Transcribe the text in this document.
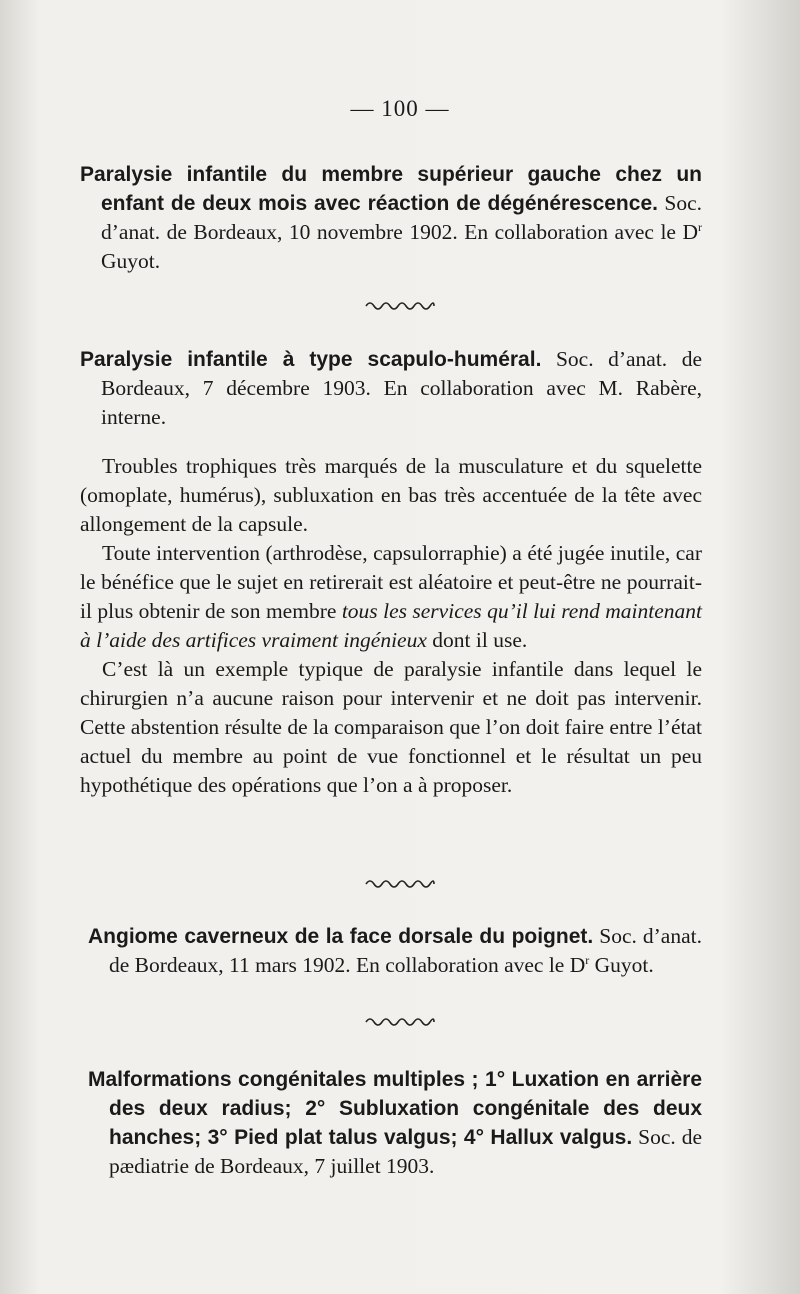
— 100 —

Paralysie infantile du membre supérieur gauche chez un enfant de deux mois avec réaction de dégénérescence. Soc. d’anat. de Bordeaux, 10 novembre 1902. En collaboration avec le $D^r$ Guyot.

Paralysie infantile à type scapulo-huméral. Soc. d’anat. de Bordeaux, 7 décembre 1903. En collaboration avec M. Rabère, interne.

Troubles trophiques très marqués de la musculature et du squelette (omoplate, humérus), subluxation en bas très accentuée de la tête avec allongement de la capsule.

Toute intervention (arthrodèse, capsulorraphie) a été jugée inutile, car le bénéfice que le sujet en retirerait est aléatoire et peut-être ne pourrait-il plus obtenir de son membre tous les services qu’il lui rend maintenant à l’aide des artifices vraiment ingénieux dont il use.

C’est là un exemple typique de paralysie infantile dans lequel le chirurgien n’a aucune raison pour intervenir et ne doit pas intervenir. Cette abstention résulte de la comparaison que l’on doit faire entre l’état actuel du membre au point de vue fonctionnel et le résultat un peu hypothétique des opérations que l’on a à proposer.

Angiome caverneux de la face dorsale du poignet. Soc. d’anat. de Bordeaux, 11 mars 1902. En collaboration avec le $D^r$ Guyot.

Malformations congénitales multiples ; 1° Luxation en arrière des deux radius; 2° Subluxation congénitale des deux hanches; 3° Pied plat talus valgus; 4° Hallux valgus. Soc. de pædiatrie de Bordeaux, 7 juillet 1903.
